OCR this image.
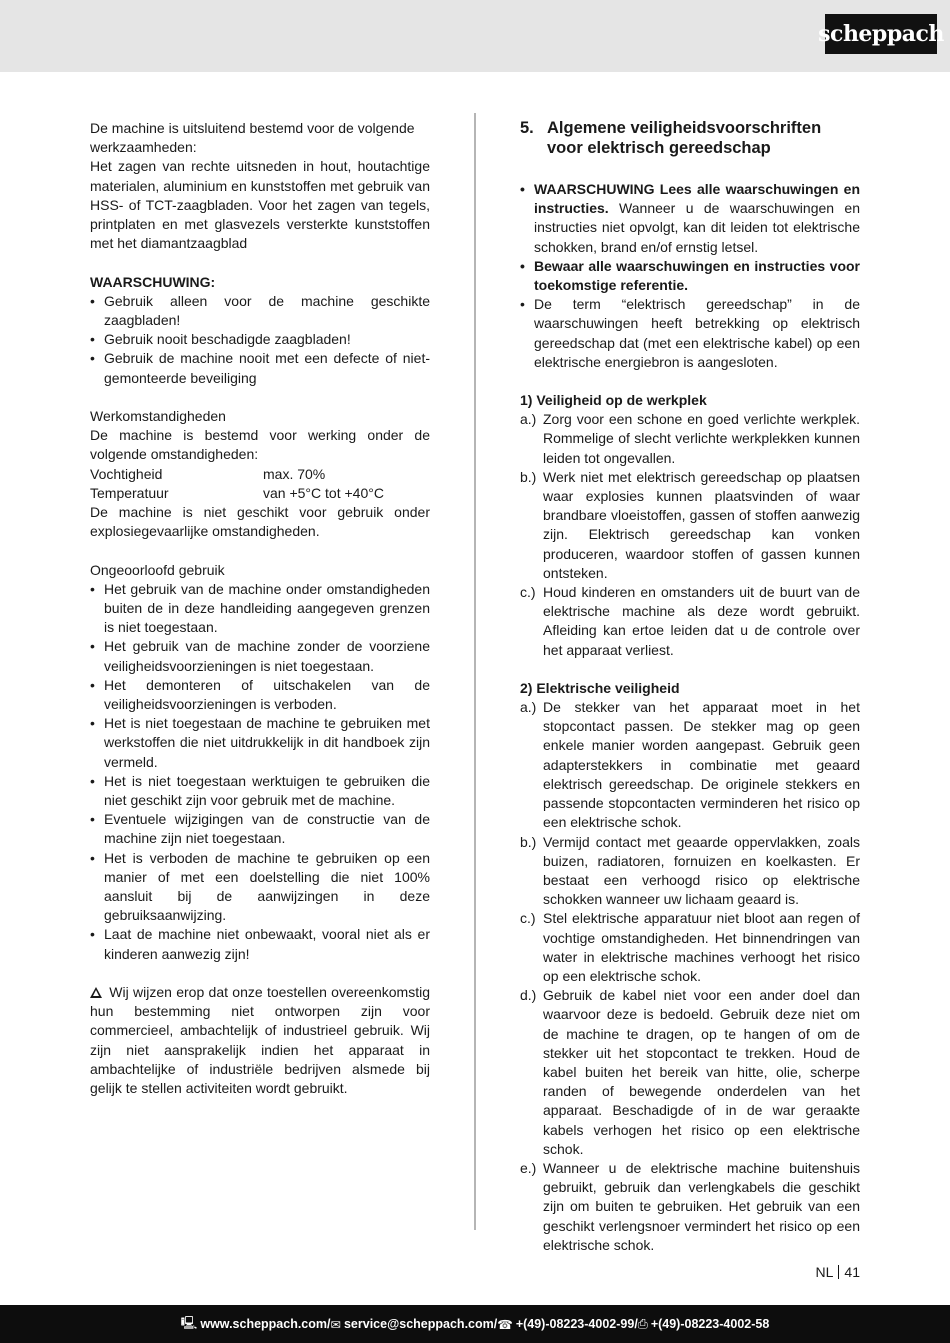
scheppach

De machine is uitsluitend bestemd voor de volgende werkzaamheden:

Het zagen van rechte uitsneden in hout, houtachtige materialen, aluminium en kunststoffen met gebruik van HSS- of TCT-zaagbladen. Voor het zagen van tegels, printplaten en met glasvezels versterkte kunststoffen met het diamantzaagblad

WAARSCHUWING:

• Gebruik alleen voor de machine geschikte zaagbladen!

• Gebruik nooit beschadigde zaagbladen!

• Gebruik de machine nooit met een defecte of niet-gemonteerde beveiliging

Werkomstandigheden

De machine is bestemd voor werking onder de volgende omstandigheden:

Vochtigheid	max. 70%
Temperatuur	van +5°C tot +40°C

De machine is niet geschikt voor gebruik onder explosiegevaarlijke omstandigheden.

Ongeoorloofd gebruik

• Het gebruik van de machine onder omstandigheden buiten de in deze handleiding aangegeven grenzen is niet toegestaan.

• Het gebruik van de machine zonder de voorziene veiligheidsvoorzieningen is niet toegestaan.

• Het demonteren of uitschakelen van de veiligheidsvoorzieningen is verboden.

• Het is niet toegestaan de machine te gebruiken met werkstoffen die niet uitdrukkelijk in dit handboek zijn vermeld.

• Het is niet toegestaan werktuigen te gebruiken die niet geschikt zijn voor gebruik met de machine.

• Eventuele wijzigingen van de constructie van de machine zijn niet toegestaan.

• Het is verboden de machine te gebruiken op een manier of met een doelstelling die niet 100% aansluit bij de aanwijzingen in deze gebruiksaanwijzing.

• Laat de machine niet onbewaakt, vooral niet als er kinderen aanwezig zijn!

Wij wijzen erop dat onze toestellen overeenkomstig hun bestemming niet ontworpen zijn voor commercieel, ambachtelijk of industrieel gebruik. Wij zijn niet aansprakelijk indien het apparaat in ambachtelijke of industriële bedrijven alsmede bij gelijk te stellen activiteiten wordt gebruikt.

5. Algemene veiligheidsvoorschriften voor elektrisch gereedschap

• WAARSCHUWING Lees alle waarschuwingen en instructies. Wanneer u de waarschuwingen en instructies niet opvolgt, kan dit leiden tot elektrische schokken, brand en/of ernstig letsel.

• Bewaar alle waarschuwingen en instructies voor toekomstige referentie.

• De term “elektrisch gereedschap” in de waarschuwingen heeft betrekking op elektrisch gereedschap dat (met een elektrische kabel) op een elektrische energiebron is aangesloten.

1) Veiligheid op de werkplek

a.) Zorg voor een schone en goed verlichte werkplek. Rommelige of slecht verlichte werkplekken kunnen leiden tot ongevallen.

b.) Werk niet met elektrisch gereedschap op plaatsen waar explosies kunnen plaatsvinden of waar brandbare vloeistoffen, gassen of stoffen aanwezig zijn. Elektrisch gereedschap kan vonken produceren, waardoor stoffen of gassen kunnen ontsteken.

c.) Houd kinderen en omstanders uit de buurt van de elektrische machine als deze wordt gebruikt. Afleiding kan ertoe leiden dat u de controle over het apparaat verliest.

2) Elektrische veiligheid

a.) De stekker van het apparaat moet in het stopcontact passen. De stekker mag op geen enkele manier worden aangepast. Gebruik geen adapterstekkers in combinatie met geaard elektrisch gereedschap. De originele stekkers en passende stopcontacten verminderen het risico op een elektrische schok.

b.) Vermijd contact met geaarde oppervlakken, zoals buizen, radiatoren, fornuizen en koelkasten. Er bestaat een verhoogd risico op elektrische schokken wanneer uw lichaam geaard is.

c.) Stel elektrische apparatuur niet bloot aan regen of vochtige omstandigheden. Het binnendringen van water in elektrische machines verhoogt het risico op een elektrische schok.

d.) Gebruik de kabel niet voor een ander doel dan waarvoor deze is bedoeld. Gebruik deze niet om de machine te dragen, op te hangen of om de stekker uit het stopcontact te trekken. Houd de kabel buiten het bereik van hitte, olie, scherpe randen of bewegende onderdelen van het apparaat. Beschadigde of in de war geraakte kabels verhogen het risico op een elektrische schok.

e.) Wanneer u de elektrische machine buitenshuis gebruikt, gebruik dan verlengkabels die geschikt zijn om buiten te gebruiken. Het gebruik van een geschikt verlengsnoer vermindert het risico op een elektrische schok.

NL 41
🖳 www.scheppach.com / ✉ service@scheppach.com / ☎ +(49)-08223-4002-99 / ⎙ +(49)-08223-4002-58
